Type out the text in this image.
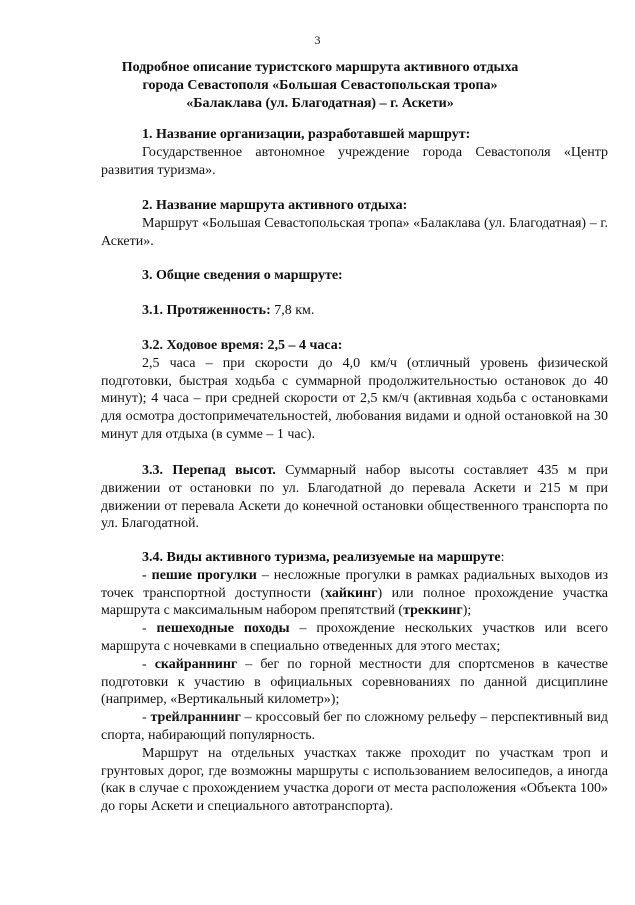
3
Подробное описание туристского маршрута активного отдыха
города Севастополя «Большая Севастопольская тропа»
«Балаклава (ул. Благодатная) – г. Аскети»
1. Название организации, разработавшей маршрут:
Государственное автономное учреждение города Севастополя «Центр развития туризма».
2. Название маршрута активного отдыха:
Маршрут «Большая Севастопольская тропа» «Балаклава (ул. Благодатная) – г. Аскети».
3. Общие сведения о маршруте:
3.1. Протяженность: 7,8 км.
3.2. Ходовое время: 2,5 – 4 часа:
2,5 часа – при скорости до 4,0 км/ч (отличный уровень физической подготовки, быстрая ходьба с суммарной продолжительностью остановок до 40 минут); 4 часа – при средней скорости от 2,5 км/ч (активная ходьба с остановками для осмотра достопримечательностей, любования видами и одной остановкой на 30 минут для отдыха (в сумме – 1 час).
3.3. Перепад высот. Суммарный набор высоты составляет 435 м при движении от остановки по ул. Благодатной до перевала Аскети и 215 м при движении от перевала Аскети до конечной остановки общественного транспорта по ул. Благодатной.
3.4. Виды активного туризма, реализуемые на маршруте:
- пешие прогулки – несложные прогулки в рамках радиальных выходов из точек транспортной доступности (хайкинг) или полное прохождение участка маршрута с максимальным набором препятствий (треккинг);
- пешеходные походы – прохождение нескольких участков или всего маршрута с ночевками в специально отведенных для этого местах;
- скайраннинг – бег по горной местности для спортсменов в качестве подготовки к участию в официальных соревнованиях по данной дисциплине (например, «Вертикальный километр»);
- трейлраннинг – кроссовый бег по сложному рельефу – перспективный вид спорта, набирающий популярность.
Маршрут на отдельных участках также проходит по участкам троп и грунтовых дорог, где возможны маршруты с использованием велосипедов, а иногда (как в случае с прохождением участка дороги от места расположения «Объекта 100» до горы Аскети и специального автотранспорта).
